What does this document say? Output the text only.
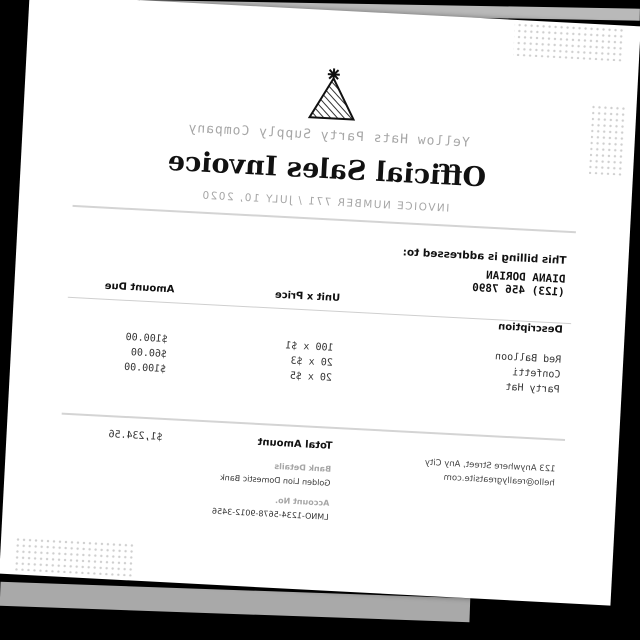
Yellow Hats Party Supply Company
Official Sales Invoice
INVOICE NUMBER 771 / JULY 10, 2020
This billing is addressed to:
DIANA DORIAN
(123) 456 7890
Description
Unit x Price
Amount Due
Red Balloon
Confetti
Party Hat
100 x $1
20 x $3
20 x $5
$100.00
$60.00
$100.00
123 Anywhere Street, Any City
hello@reallygreatsite.com
Total Amount
$1,234.56
Bank Details
Golden Lion Domestic Bank
Account No.
LMNO-1234-5678-9012-3456
